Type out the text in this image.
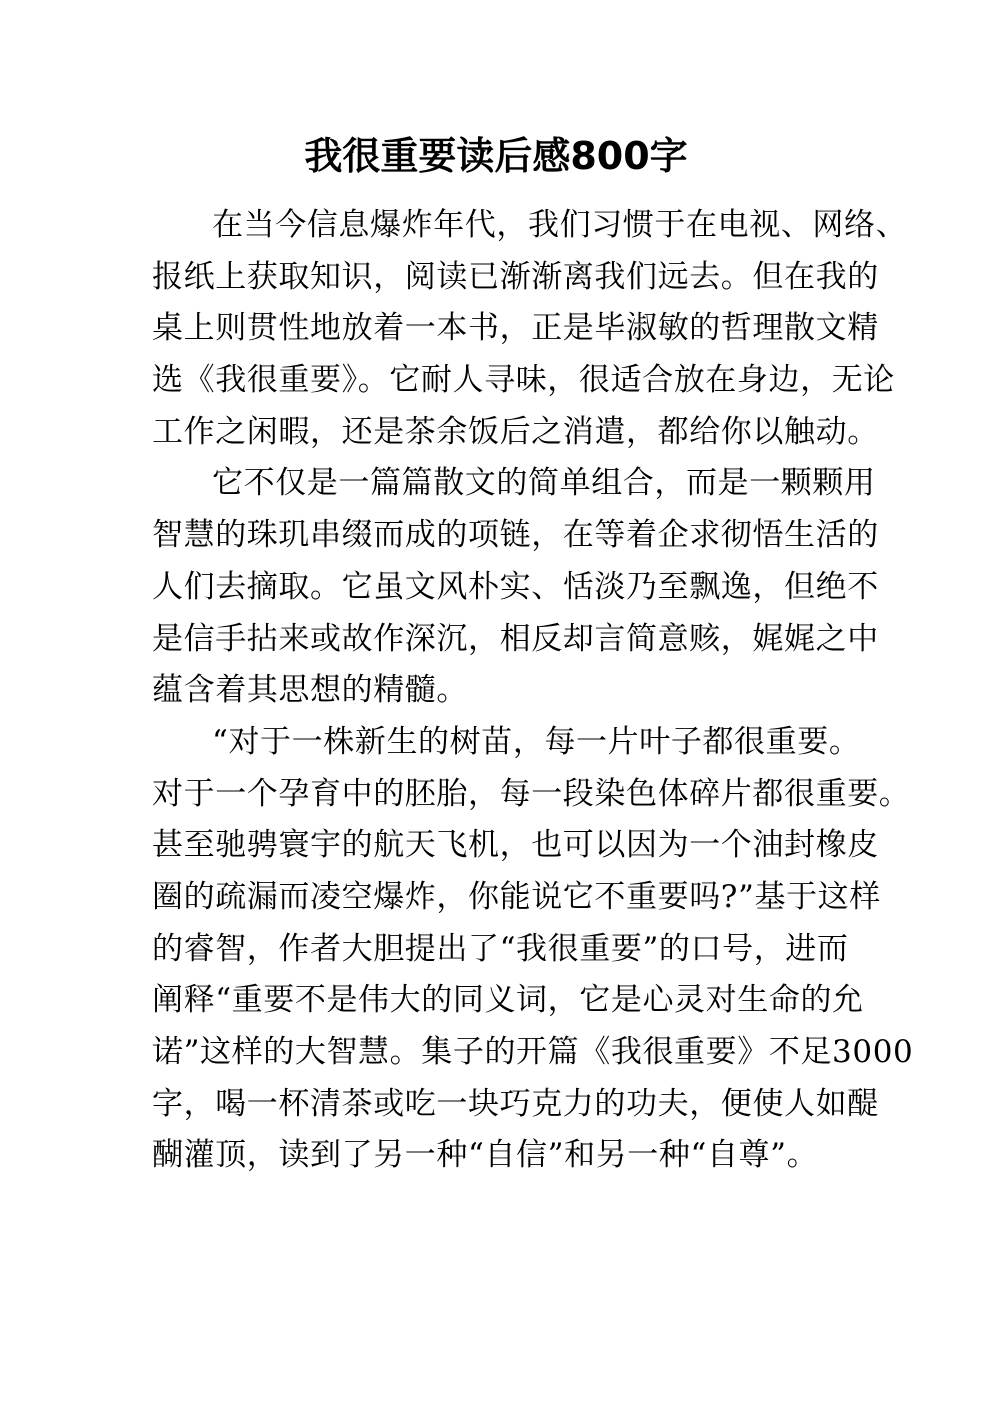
我很重要读后感800字
在当今信息爆炸年代，我们习惯于在电视、网络、
报纸上获取知识，阅读已渐渐离我们远去。但在我的
桌上则贯性地放着一本书，正是毕淑敏的哲理散文精
选《我很重要》。它耐人寻味，很适合放在身边，无论
工作之闲暇，还是茶余饭后之消遣，都给你以触动。
它不仅是一篇篇散文的简单组合，而是一颗颗用
智慧的珠玑串缀而成的项链，在等着企求彻悟生活的
人们去摘取。它虽文风朴实、恬淡乃至飘逸，但绝不
是信手拈来或故作深沉，相反却言简意赅，娓娓之中
蕴含着其思想的精髓。
“对于一株新生的树苗，每一片叶子都很重要。
对于一个孕育中的胚胎，每一段染色体碎片都很重要。
甚至驰骋寰宇的航天飞机，也可以因为一个油封橡皮
圈的疏漏而凌空爆炸，你能说它不重要吗?”基于这样
的睿智，作者大胆提出了“我很重要”的口号，进而
阐释“重要不是伟大的同义词，它是心灵对生命的允
诺”这样的大智慧。集子的开篇《我很重要》不足3000
字，喝一杯清茶或吃一块巧克力的功夫，便使人如醍
醐灌顶，读到了另一种“自信”和另一种“自尊”。
